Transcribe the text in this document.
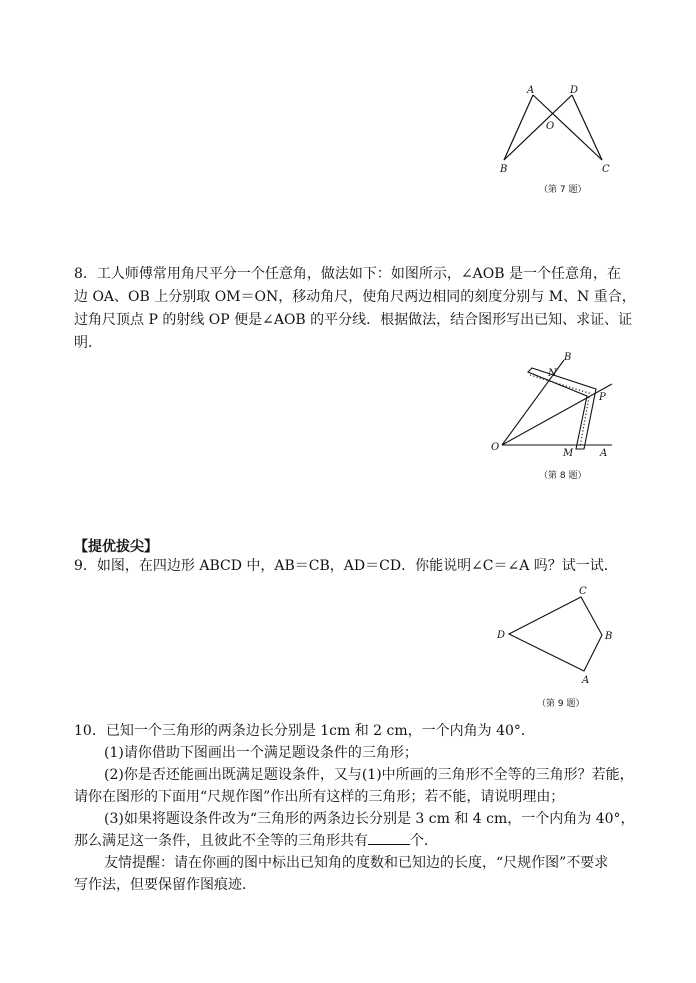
A	D
O
B	C
（第 7 题）
8．工人师傅常用角尺平分一个任意角，做法如下：如图所示，∠AOB 是一个任意角，在
边 OA、OB 上分别取 OM＝ON，移动角尺，使角尺两边相同的刻度分别与 M、N 重合，
过角尺顶点 P 的射线 OP 便是∠AOB 的平分线．根据做法，结合图形写出已知、求证、证
明．
B
N
P
O
M	A
（第 8 题）
【提优拔尖】
9．如图，在四边形 ABCD 中，AB＝CB，AD＝CD．你能说明∠C＝∠A 吗？试一试．
C
D	B
A
（第 9 题）
10．已知一个三角形的两条边长分别是 1cm 和 2 cm，一个内角为 40°．
(1)请你借助下图画出一个满足题设条件的三角形；
(2)你是否还能画出既满足题设条件，又与(1)中所画的三角形不全等的三角形？若能，
请你在图形的下面用“尺规作图”作出所有这样的三角形；若不能，请说明理由；
(3)如果将题设条件改为“三角形的两条边长分别是 3 cm 和 4 cm，一个内角为 40°，
那么满足这一条件，且彼此不全等的三角形共有	个．
友情提醒：请在你画的图中标出已知角的度数和已知边的长度，“尺规作图”不要求
写作法，但要保留作图痕迹．
